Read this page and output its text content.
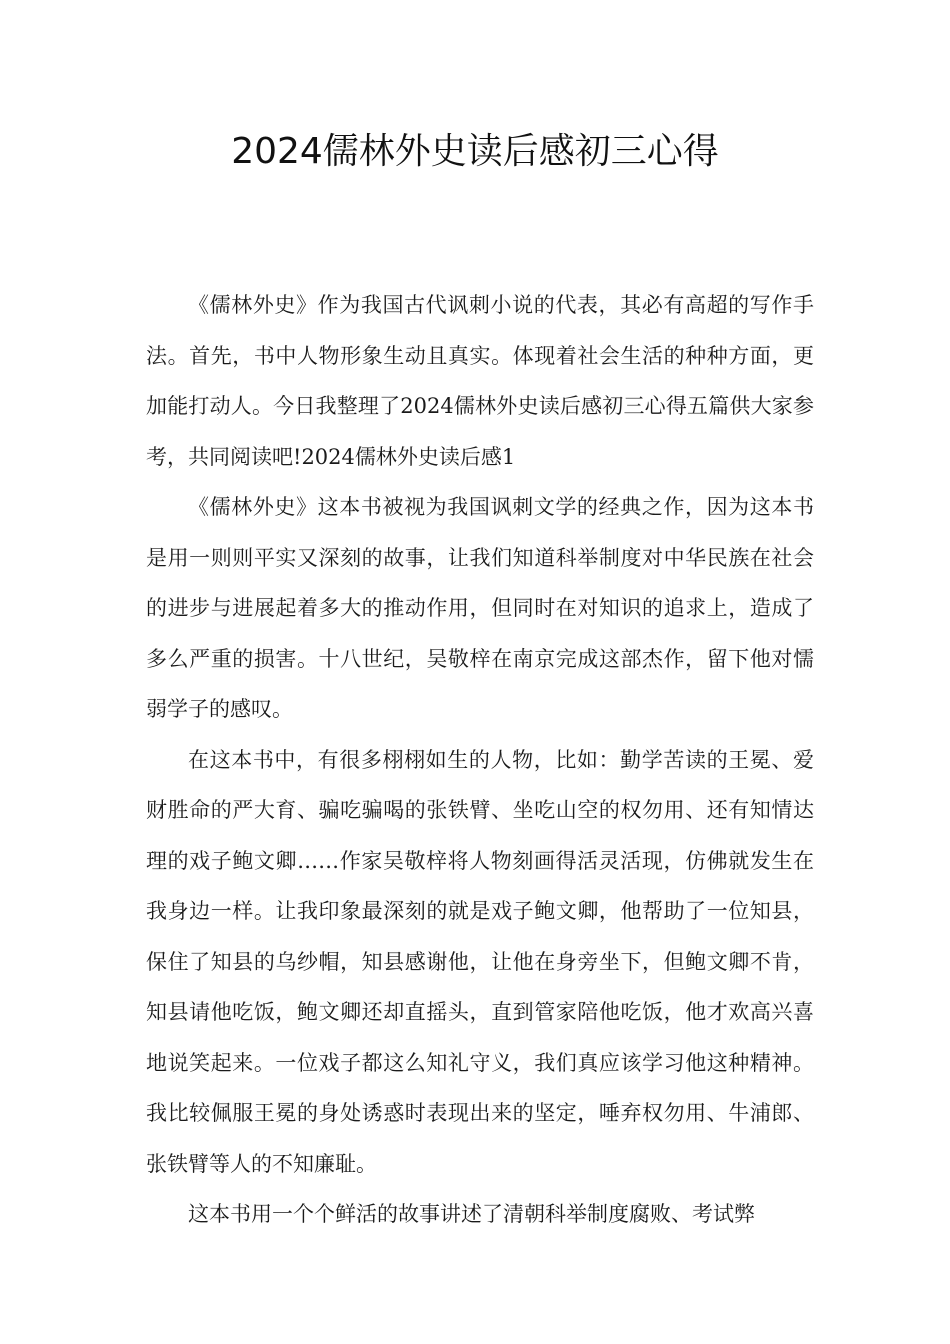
2024儒林外史读后感初三心得

《儒林外史》作为我国古代讽刺小说的代表，其必有高超的写作手法。首先，书中人物形象生动且真实。体现着社会生活的种种方面，更加能打动人。今日我整理了2024儒林外史读后感初三心得五篇供大家参考，共同阅读吧!2024儒林外史读后感1

《儒林外史》这本书被视为我国讽刺文学的经典之作，因为这本书是用一则则平实又深刻的故事，让我们知道科举制度对中华民族在社会的进步与进展起着多大的推动作用，但同时在对知识的追求上，造成了多么严重的损害。十八世纪，吴敬梓在南京完成这部杰作，留下他对懦弱学子的感叹。

在这本书中，有很多栩栩如生的人物，比如：勤学苦读的王冕、爱财胜命的严大育、骗吃骗喝的张铁臂、坐吃山空的权勿用、还有知情达理的戏子鲍文卿……作家吴敬梓将人物刻画得活灵活现，仿佛就发生在我身边一样。让我印象最深刻的就是戏子鲍文卿，他帮助了一位知县，保住了知县的乌纱帽，知县感谢他，让他在身旁坐下，但鲍文卿不肯，知县请他吃饭，鲍文卿还却直摇头，直到管家陪他吃饭，他才欢高兴喜地说笑起来。一位戏子都这么知礼守义，我们真应该学习他这种精神。我比较佩服王冕的身处诱惑时表现出来的坚定，唾弃权勿用、牛浦郎、张铁臂等人的不知廉耻。

这本书用一个个鲜活的故事讲述了清朝科举制度腐败、考试弊
